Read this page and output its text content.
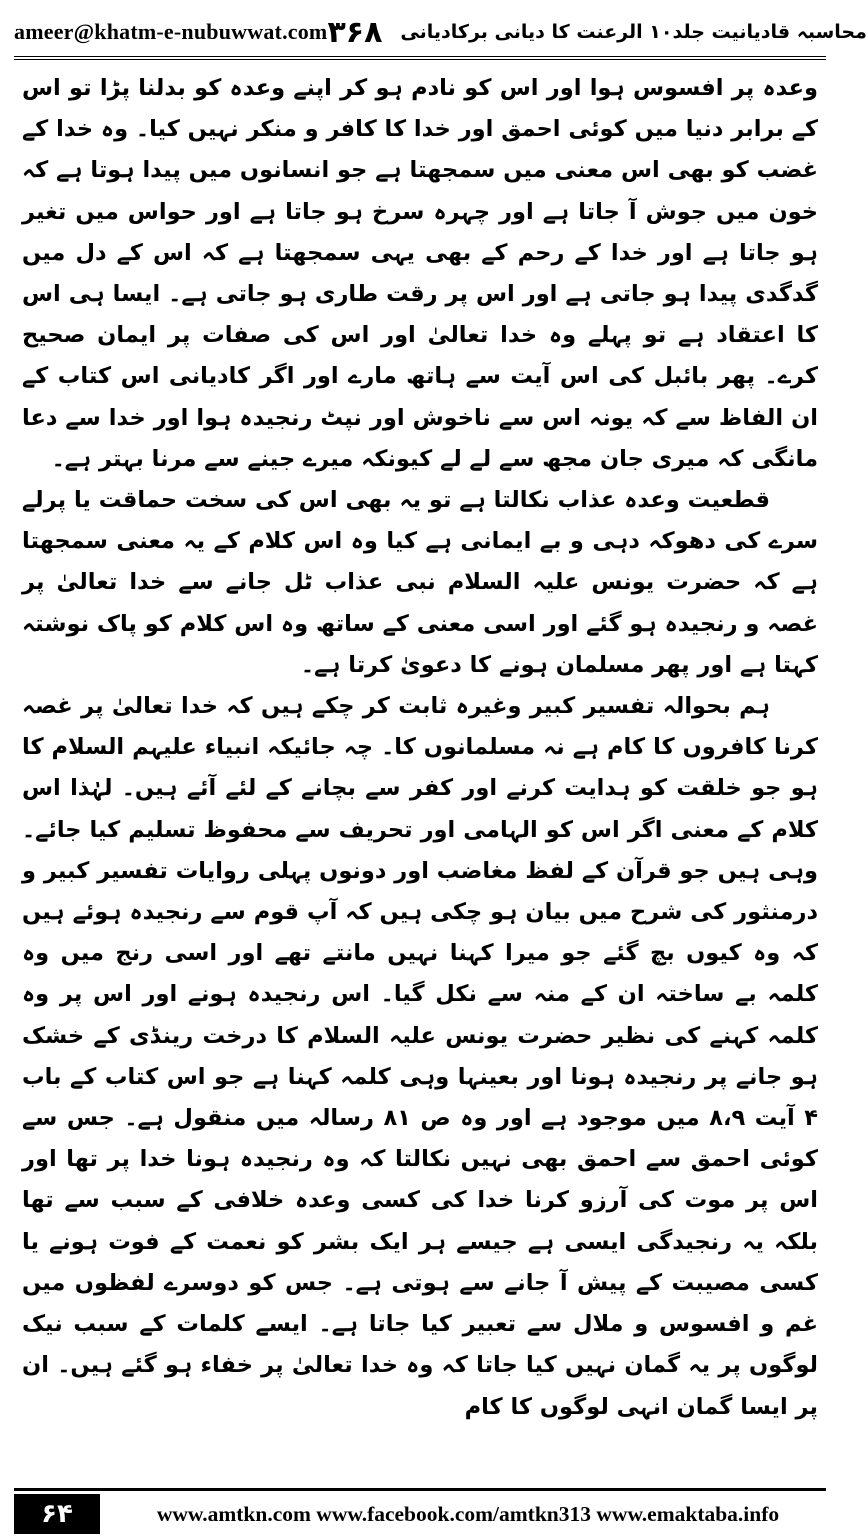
ameer@khatm-e-nubuwwat.com	محاسبہ قادیانیت جلد۱۰ الرعنت کا دیانی برکادیانی
۳۶۸

وعدہ پر افسوس ہوا اور اس کو نادم ہو کر اپنے وعدہ کو بدلنا پڑا تو اس کے برابر دنیا میں کوئی احمق اور خدا کا کافر و منکر نہیں کیا۔ وہ خدا کے غضب کو بھی اس معنی میں سمجھتا ہے جو انسانوں میں پیدا ہوتا ہے کہ خون میں جوش آ جاتا ہے اور چہرہ سرخ ہو جاتا ہے اور حواس میں تغیر ہو جاتا ہے اور خدا کے رحم کے بھی یہی سمجھتا ہے کہ اس کے دل میں گدگدی پیدا ہو جاتی ہے اور اس پر رقت طاری ہو جاتی ہے۔ ایسا ہی اس کا اعتقاد ہے تو پہلے وہ خدا تعالیٰ اور اس کی صفات پر ایمان صحیح کرے۔ پھر بائبل کی اس آیت سے ہاتھ مارے اور اگر کادیانی اس کتاب کے ان الفاظ سے کہ یونہ اس سے ناخوش اور نپٹ رنجیدہ ہوا اور خدا سے دعا مانگی کہ میری جان مجھ سے لے لے کیونکہ میرے جینے سے مرنا بہتر ہے۔

قطعیت وعدہ عذاب نکالتا ہے تو یہ بھی اس کی سخت حماقت یا پرلے سرے کی دھوکہ دہی و بے ایمانی ہے کیا وہ اس کلام کے یہ معنی سمجھتا ہے کہ حضرت یونس علیہ السلام نبی عذاب ٹل جانے سے خدا تعالیٰ پر غصہ و رنجیدہ ہو گئے اور اسی معنی کے ساتھ وہ اس کلام کو پاک نوشتہ کہتا ہے اور پھر مسلمان ہونے کا دعویٰ کرتا ہے۔

ہم بحوالہ تفسیر کبیر وغیرہ ثابت کر چکے ہیں کہ خدا تعالیٰ پر غصہ کرنا کافروں کا کام ہے نہ مسلمانوں کا۔ چہ جائیکہ انبیاء علیہم السلام کا ہو جو خلقت کو ہدایت کرنے اور کفر سے بچانے کے لئے آئے ہیں۔ لہٰذا اس کلام کے معنی اگر اس کو الہامی اور تحریف سے محفوظ تسلیم کیا جائے۔ وہی ہیں جو قرآن کے لفظ مغاضب اور دونوں پہلی روایات تفسیر کبیر و درمنثور کی شرح میں بیان ہو چکی ہیں کہ آپ قوم سے رنجیدہ ہوئے ہیں کہ وہ کیوں بچ گئے جو میرا کہنا نہیں مانتے تھے اور اسی رنج میں وہ کلمہ بے ساختہ ان کے منہ سے نکل گیا۔ اس رنجیدہ ہونے اور اس پر وہ کلمہ کہنے کی نظیر حضرت یونس علیہ السلام کا درخت رینڈی کے خشک ہو جانے پر رنجیدہ ہونا اور بعینہا وہی کلمہ کہنا ہے جو اس کتاب کے باب ۴ آیت ۸،۹ میں موجود ہے اور وہ ص ۸۱ رسالہ میں منقول ہے۔ جس سے کوئی احمق سے احمق بھی نہیں نکالتا کہ وہ رنجیدہ ہونا خدا پر تھا اور اس پر موت کی آرزو کرنا خدا کی کسی وعدہ خلافی کے سبب سے تھا بلکہ یہ رنجیدگی ایسی ہے جیسے ہر ایک بشر کو نعمت کے فوت ہونے یا کسی مصیبت کے پیش آ جانے سے ہوتی ہے۔ جس کو دوسرے لفظوں میں غم و افسوس و ملال سے تعبیر کیا جاتا ہے۔ ایسے کلمات کے سبب نیک لوگوں پر یہ گمان نہیں کیا جاتا کہ وہ خدا تعالیٰ پر خفاء ہو گئے ہیں۔ ان پر ایسا گمان انہی لوگوں کا کام

۶۴	www.amtkn.com www.facebook.com/amtkn313 www.emaktaba.info
